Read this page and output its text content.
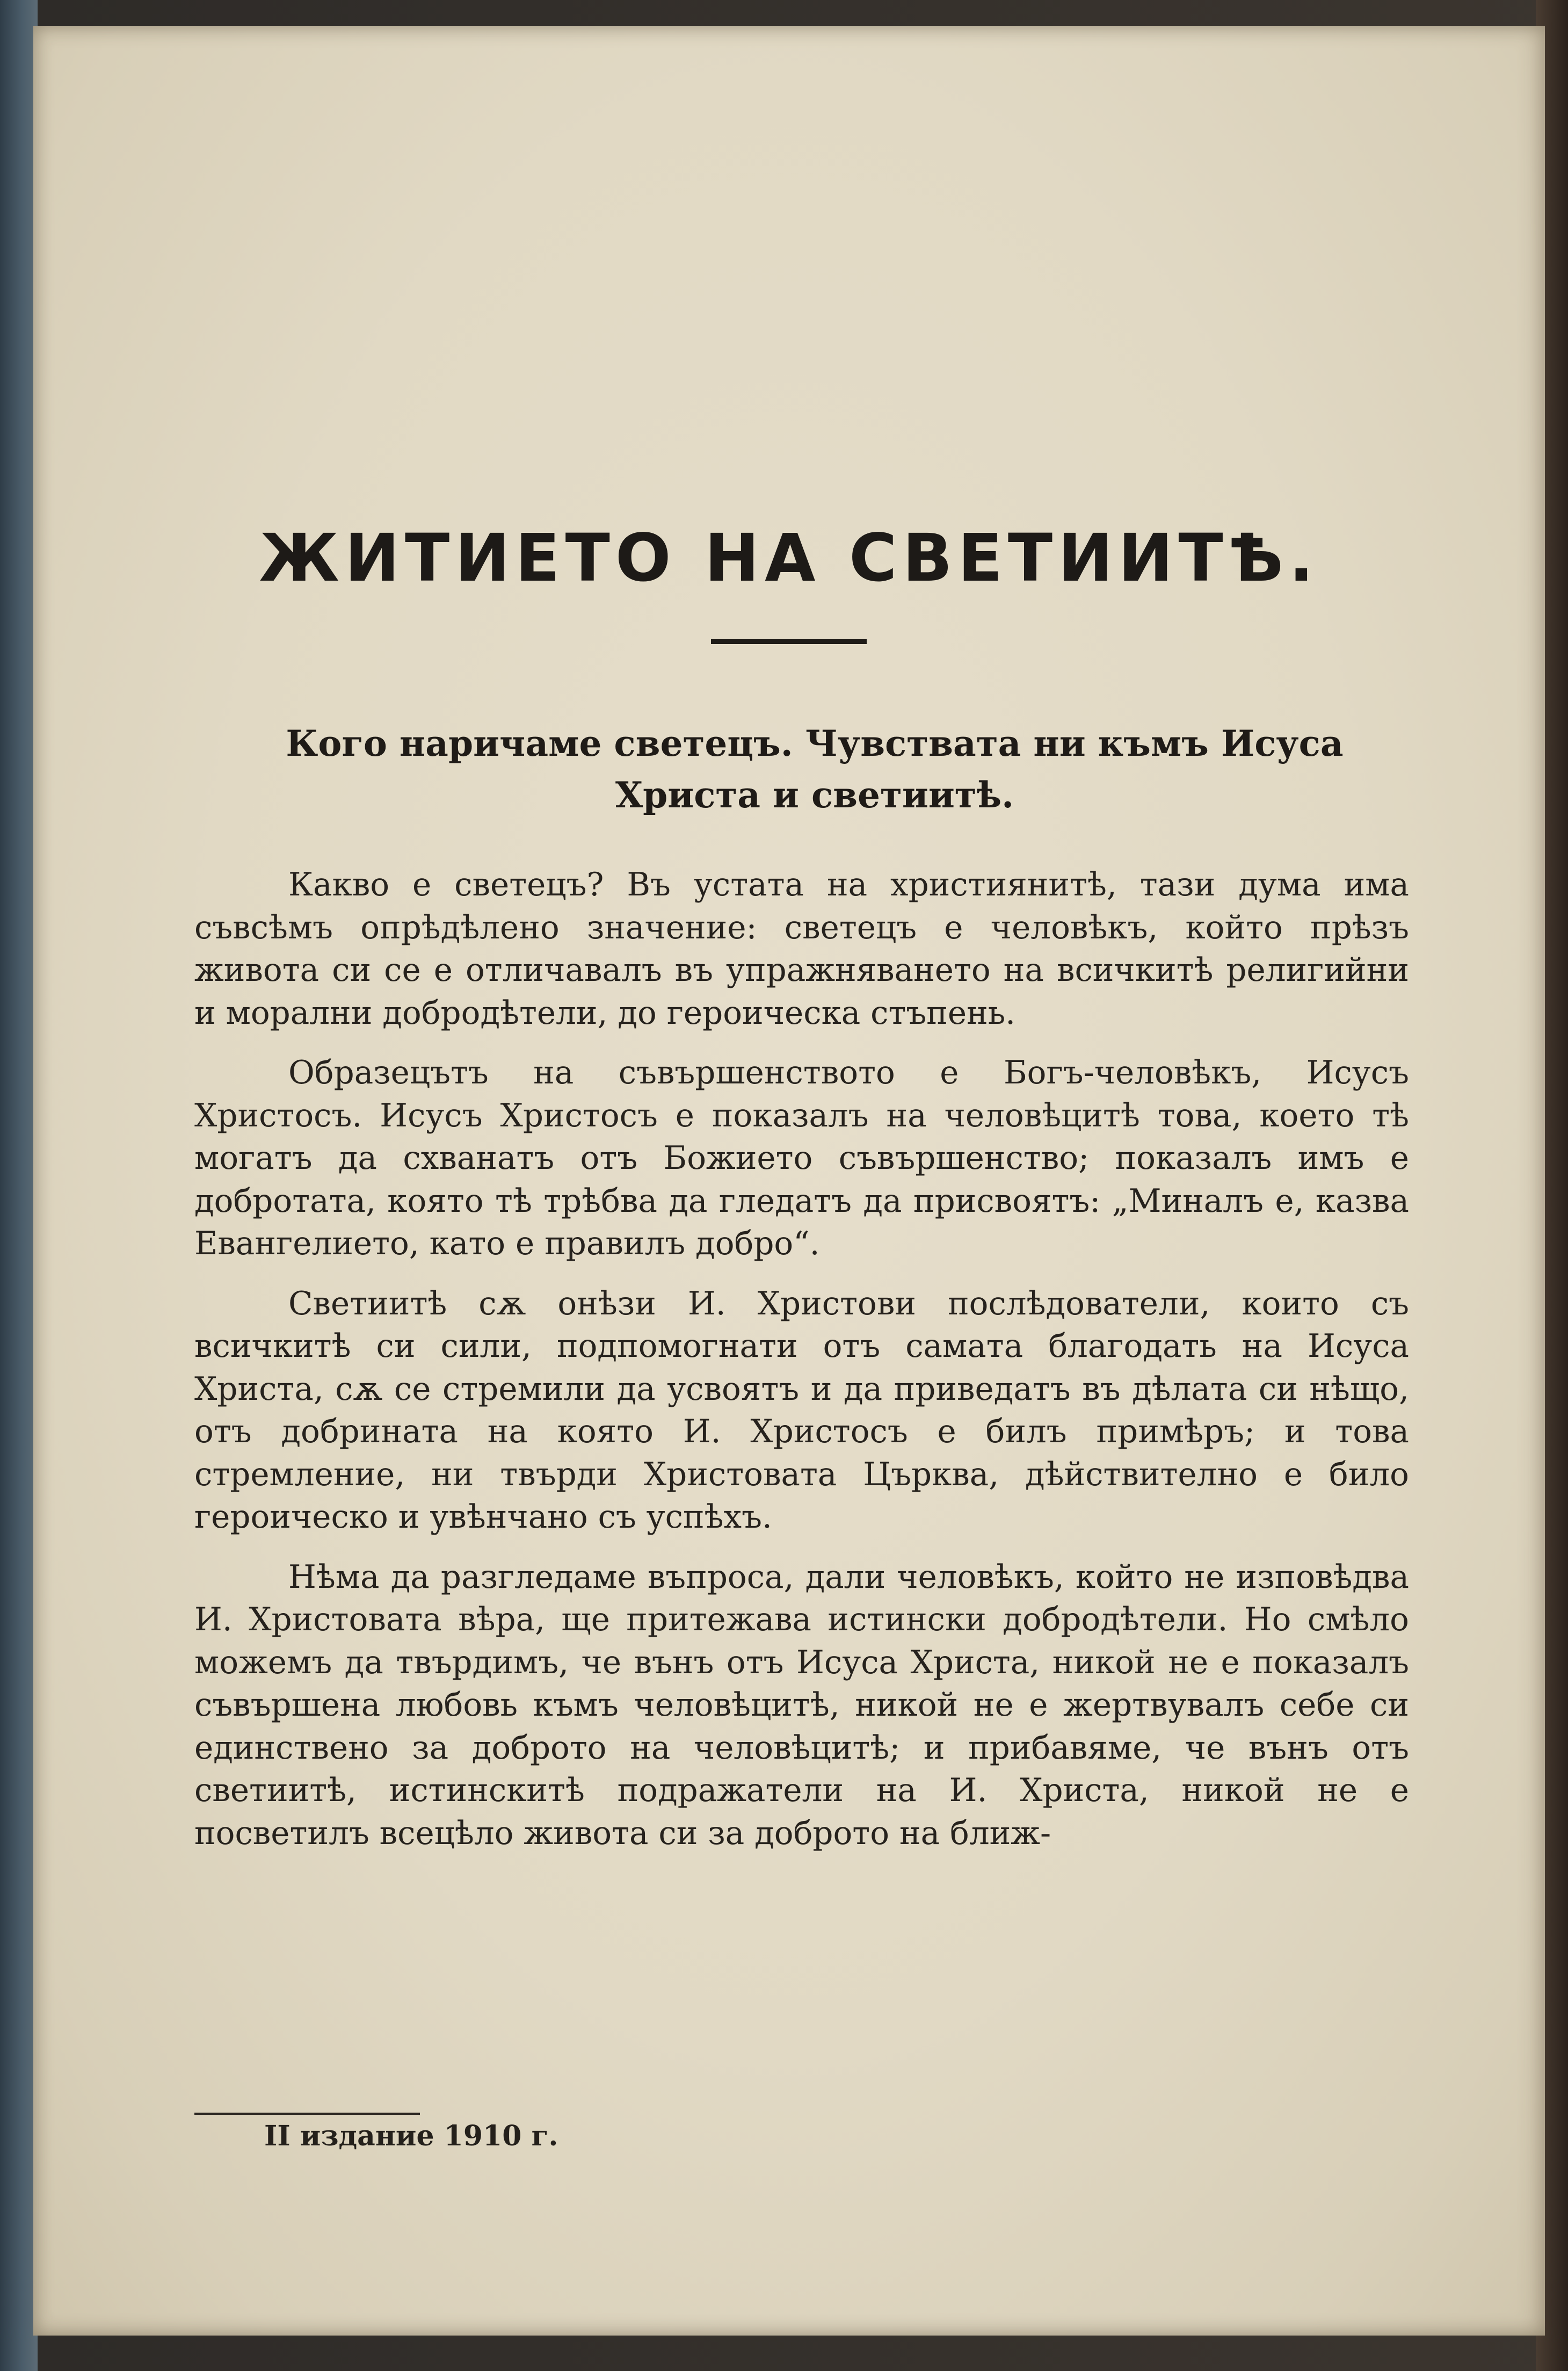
ЖИТИЕТО НА СВЕТИИТѢ.
Кого наричаме светецъ. Чувствата ни къмъ Исуса Христа и светиитѣ.

Какво е светецъ? Въ устата на християнитѣ, тази дума има съвсѣмъ опрѣдѣлено значение: светецъ е человѣкъ, който прѣзъ живота си се е отличавалъ въ упражняването на всичкитѣ религийни и морални добродѣтели, до героическа стъпень.

Образецътъ на съвършенството е Богъ-человѣкъ, Исусъ Христосъ. Исусъ Христосъ е показалъ на человѣцитѣ това, което тѣ могатъ да схванатъ отъ Божието съвършенство; показалъ имъ е добротата, която тѣ трѣбва да гледатъ да присвоятъ: „Миналъ е, казва Евангелието, като е правилъ добро“.

Светиитѣ сѫ онѣзи И. Христови послѣдователи, които съ всичкитѣ си сили, подпомогнати отъ самата благодать на Исуса Христа, сѫ се стремили да усвоятъ и да приведатъ въ дѣлата си нѣщо, отъ добрината на която И. Христосъ е билъ примѣръ; и това стремление, ни твърди Христовата Църква, дѣйствително е било героическо и увѣнчано съ успѣхъ.

Нѣма да разгледаме въпроса, дали человѣкъ, който не изповѣдва И. Христовата вѣра, ще притежава истински добродѣтели. Но смѣло можемъ да твърдимъ, че вънъ отъ Исуса Христа, никой не е показалъ съвършена любовь къмъ человѣцитѣ, никой не е жертвувалъ себе си единствено за доброто на человѣцитѣ; и прибавяме, че вънъ отъ светиитѣ, истинскитѣ подражатели на И. Христа, никой не е посветилъ всецѣло живота си за доброто на ближ-

II издание 1910 г.
